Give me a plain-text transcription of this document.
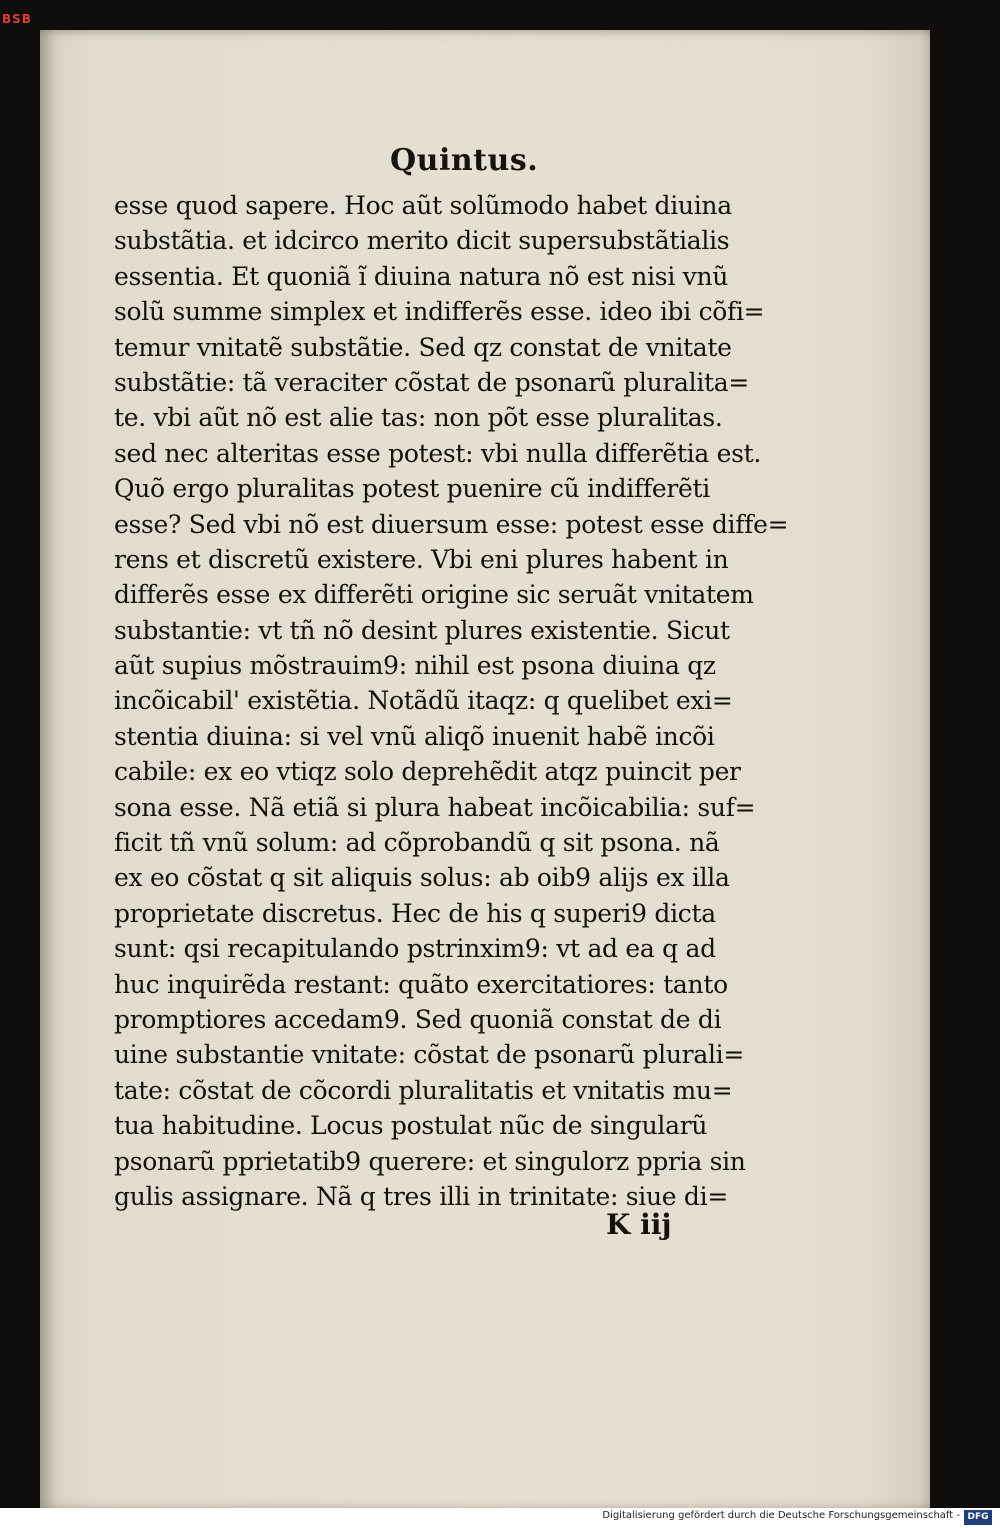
BSB
Quintus.
esse quod sapere. Hoc aũt solũmodo habet diuina
substãtia. et idcirco merito dicit supersubstãtialis
essentia. Et quoniã ĩ diuina natura nõ est nisi vnũ
solũ summe simplex et indifferẽs esse. ideo ibi cõfi=
temur vnitatẽ substãtie. Sed qz constat de vnitate
substãtie: tã veraciter cõstat de psonarũ pluralita=
te. vbi aũt nõ est alie tas: non põt esse pluralitas.
sed nec alteritas esse potest: vbi nulla differẽtia est.
Quõ ergo pluralitas potest puenire cũ indifferẽti
esse? Sed vbi nõ est diuersum esse: potest esse diffe=
rens et discretũ existere. Vbi eni plures habent in
differẽs esse ex differẽti origine sic seruãt vnitatem
substantie: vt tñ nõ desint plures existentie. Sicut
aũt supius mõstrauim9: nihil est psona diuina qz
incõicabil' existẽtia. Notãdũ itaqz: q quelibet exi=
stentia diuina: si vel vnũ aliqõ inuenit habẽ incõi
cabile: ex eo vtiqz solo deprehẽdit atqz puincit per
sona esse. Nã etiã si plura habeat incõicabilia: suf=
ficit tñ vnũ solum: ad cõprobandũ q sit psona. nã
ex eo cõstat q sit aliquis solus: ab oib9 alijs ex illa
proprietate discretus. Hec de his q superi9 dicta
sunt: qsi recapitulando pstrinxim9: vt ad ea q ad
huc inquirẽda restant: quãto exercitatiores: tanto
promptiores accedam9. Sed quoniã constat de di
uine substantie vnitate: cõstat de psonarũ plurali=
tate: cõstat de cõcordi pluralitatis et vnitatis mu=
tua habitudine. Locus postulat nũc de singularũ
psonarũ pprietatib9 querere: et singulorz ppria sin
gulis assignare. Nã q tres illi in trinitate: siue di=
K iij
Digitalisierung gefördert durch die Deutsche Forschungsgemeinschaft - DFG
